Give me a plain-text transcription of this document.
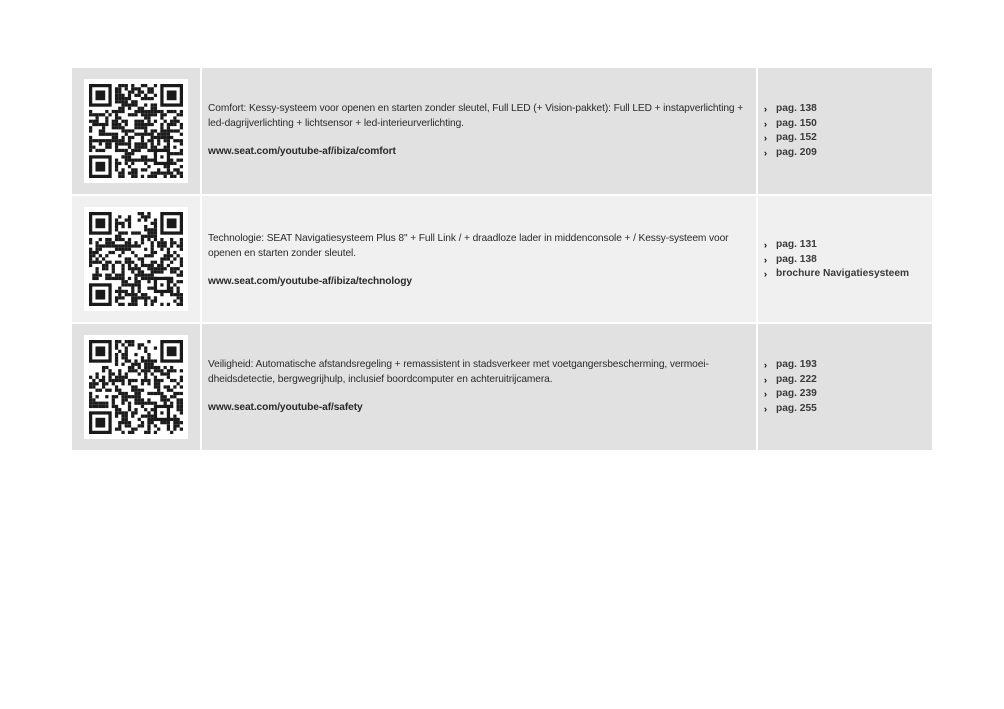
Comfort: Kessy-systeem voor openen en starten zonder sleutel, Full LED (+ Vision-pakket): Full LED + instapverlichting + led-dagrijverlichting + lichtsensor + led-interieurverlichting.
www.seat.com/youtube-af/ibiza/comfort
pag. 138
pag. 150
pag. 152
pag. 209
Technologie: SEAT Navigatiesysteem Plus 8" + Full Link / + draadloze lader in middenconsole + / Kessy-systeem voor openen en starten zonder sleutel.
www.seat.com/youtube-af/ibiza/technology
pag. 131
pag. 138
brochure Navigatiesysteem
Veiligheid: Automatische afstandsregeling + remassistent in stadsverkeer met voetgangersbescherming, vermoeidheidsdetectie, bergwegrijhulp, inclusief boordcomputer en achteruitrijcamera.
www.seat.com/youtube-af/safety
pag. 193
pag. 222
pag. 239
pag. 255
